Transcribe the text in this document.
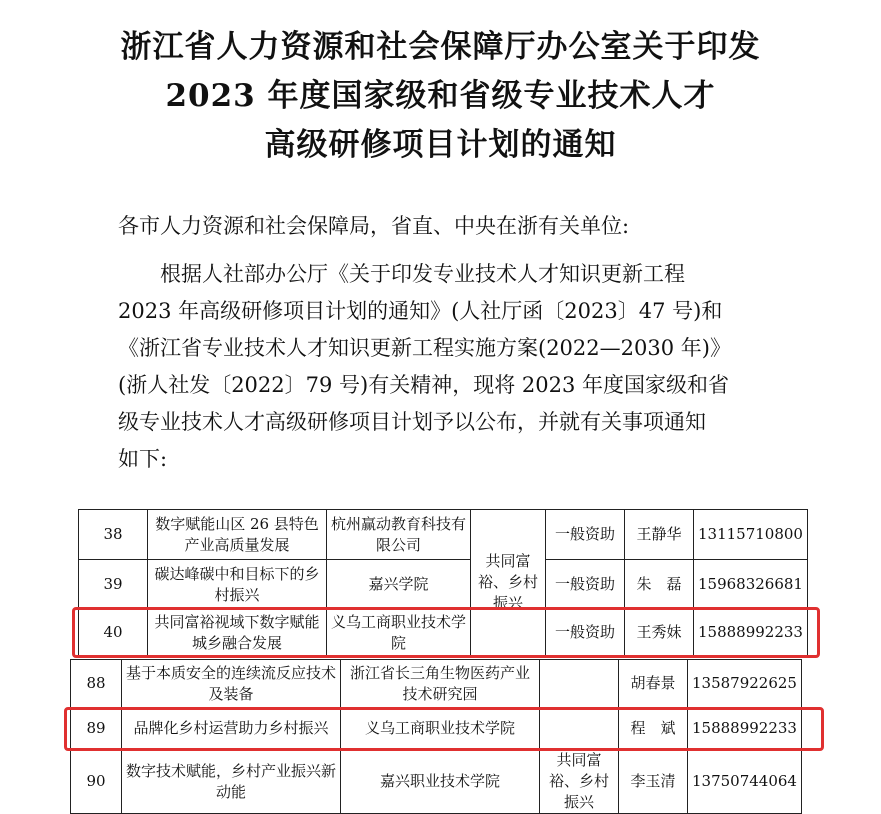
浙江省人力资源和社会保障厅办公室关于印发
2023 年度国家级和省级专业技术人才
高级研修项目计划的通知
各市人力资源和社会保障局，省直、中央在浙有关单位:
　　根据人社部办公厅《关于印发专业技术人才知识更新工程
2023 年高级研修项目计划的通知》(人社厅函〔2023〕47 号)和
《浙江省专业技术人才知识更新工程实施方案(2022—2030 年)》
(浙人社发〔2022〕79 号)有关精神，现将 2023 年度国家级和省
级专业技术人才高级研修项目计划予以公布，并就有关事项通知
如下:
38	数字赋能山区 26 县特色产业高质量发展	杭州赢动教育科技有限公司	共同富裕、乡村振兴	一般资助	王静华	13115710800
39	碳达峰碳中和目标下的乡村振兴	嘉兴学院		一般资助	朱　磊	15968326681
40	共同富裕视域下数字赋能城乡融合发展	义乌工商职业技术学院		一般资助	王秀妹	15888992233
88	基于本质安全的连续流反应技术及装备	浙江省长三角生物医药产业技术研究园		胡春景	13587922625
89	品牌化乡村运营助力乡村振兴	义乌工商职业技术学院		程　斌	15888992233
90	数字技术赋能，乡村产业振兴新动能	嘉兴职业技术学院	共同富裕、乡村振兴	李玉清	13750744064
